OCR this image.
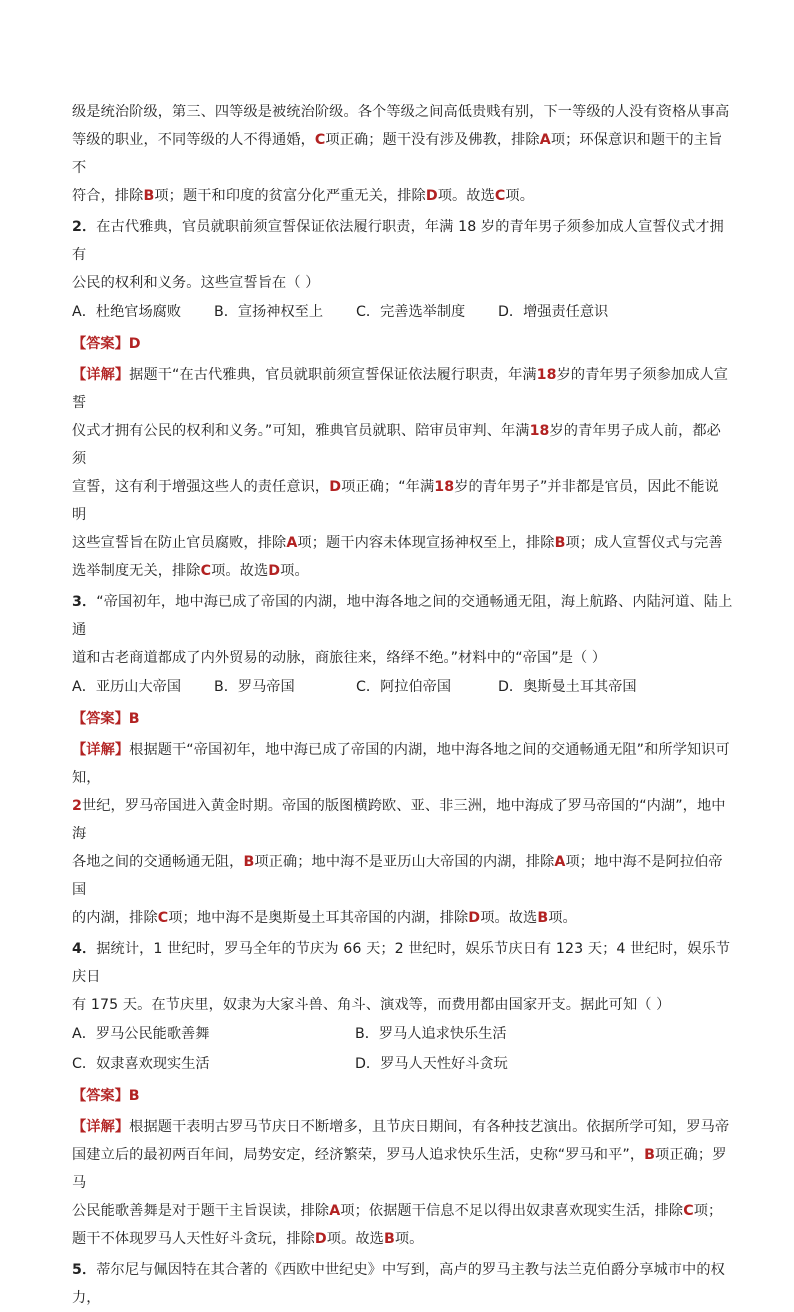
级是统治阶级，第三、四等级是被统治阶级。各个等级之间高低贵贱有别，下一等级的人没有资格从事高

等级的职业，不同等级的人不得通婚，C项正确；题干没有涉及佛教，排除A项；环保意识和题干的主旨不

符合，排除B项；题干和印度的贫富分化严重无关，排除D项。故选C项。

2．在古代雅典，官员就职前须宣誓保证依法履行职责，年满 18 岁的青年男子须参加成人宣誓仪式才拥有

公民的权利和义务。这些宣誓旨在（ ）

A．杜绝官场腐败	B．宣扬神权至上	C．完善选举制度	D．增强责任意识

【答案】D

【详解】据题干“在古代雅典，官员就职前须宣誓保证依法履行职责，年满18岁的青年男子须参加成人宣誓

仪式才拥有公民的权利和义务。”可知，雅典官员就职、陪审员审判、年满18岁的青年男子成人前，都必须

宣誓，这有利于增强这些人的责任意识，D项正确；“年满18岁的青年男子”并非都是官员，因此不能说明

这些宣誓旨在防止官员腐败，排除A项；题干内容未体现宣扬神权至上，排除B项；成人宣誓仪式与完善

选举制度无关，排除C项。故选D项。

3．“帝国初年，地中海已成了帝国的内湖，地中海各地之间的交通畅通无阻，海上航路、内陆河道、陆上通

道和古老商道都成了内外贸易的动脉，商旅往来，络绎不绝。”材料中的“帝国”是（ ）

A．亚历山大帝国	B．罗马帝国	C．阿拉伯帝国	D．奥斯曼土耳其帝国

【答案】B

【详解】根据题干“帝国初年，地中海已成了帝国的内湖，地中海各地之间的交通畅通无阻”和所学知识可知，

2世纪，罗马帝国进入黄金时期。帝国的版图横跨欧、亚、非三洲，地中海成了罗马帝国的“内湖”，地中海

各地之间的交通畅通无阻，B项正确；地中海不是亚历山大帝国的内湖，排除A项；地中海不是阿拉伯帝国

的内湖，排除C项；地中海不是奥斯曼土耳其帝国的内湖，排除D项。故选B项。

4．据统计，1 世纪时，罗马全年的节庆为 66 天；2 世纪时，娱乐节庆日有 123 天；4 世纪时，娱乐节庆日

有 175 天。在节庆里，奴隶为大家斗兽、角斗、演戏等，而费用都由国家开支。据此可知（ ）

A．罗马公民能歌善舞	B．罗马人追求快乐生活
C．奴隶喜欢现实生活	D．罗马人天性好斗贪玩

【答案】B

【详解】根据题干表明古罗马节庆日不断增多，且节庆日期间，有各种技艺演出。依据所学可知，罗马帝

国建立后的最初两百年间，局势安定，经济繁荣，罗马人追求快乐生活，史称“罗马和平”，B项正确；罗马

公民能歌善舞是对于题干主旨误读，排除A项；依据题干信息不足以得出奴隶喜欢现实生活，排除C项；

题干不体现罗马人天性好斗贪玩，排除D项。故选B项。

5．蒂尔尼与佩因特在其合著的《西欧中世纪史》中写到，高卢的罗马主教与法兰克伯爵分享城市中的权力，
